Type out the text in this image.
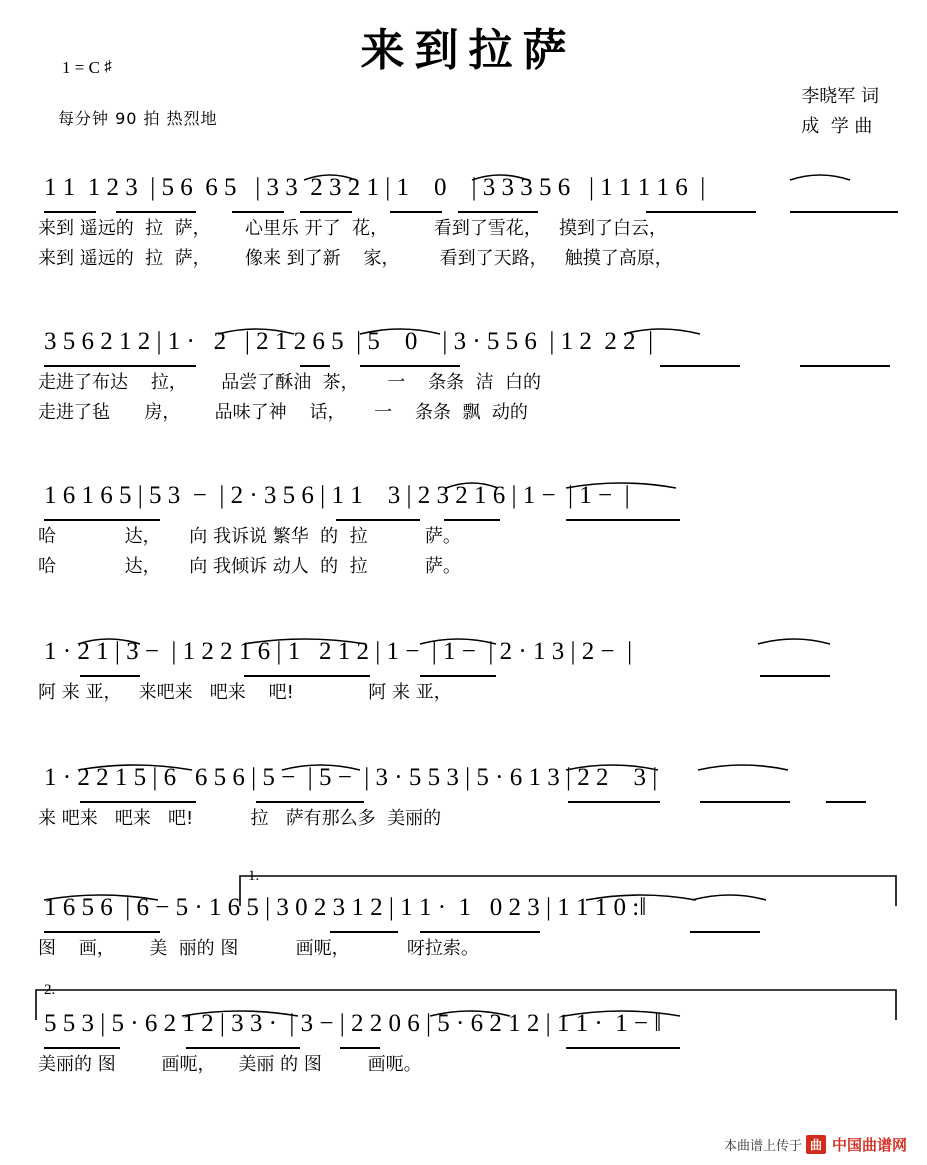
1 = C ♯	来到拉萨
每分钟 90 拍 热烈地
李晓军 词
成  学 曲
1 1  1 2 3  | 5 6  6 5   | 3 3  2 3 2 1 | 1    0    | 3 3 3 5 6   | 1 1 1 1 6  |
来到 遥远的  拉  萨，      心里乐 开了  花，        看到了雪花，   摸到了白云，
来到 遥远的  拉  萨，      像来 到了新    家，       看到了天路，   触摸了高原，
3 5 6 2 1 2 | 1 ·   2   | 2 1 2 6 5  | 5    0    | 3 · 5 5 6  | 1 2  2 2  |
走进了布达    拉，      品尝了酥油  茶，     一    条条  洁  白的
走进了毡      房，      品味了神    话，     一    条条  飘  动的
1 6 1 6 5 | 5 3  −  | 2 · 3 5 6 | 1 1    3 | 2 3 2 1 6 | 1 −  | 1 −  |
哈            达，     向 我诉说 繁华  的  拉          萨。
哈            达，     向 我倾诉 动人  的  拉          萨。
1 · 2 1 | 3 −  | 1 2 2 1 6 | 1   2 1 2 | 1 −  | 1 −  | 2 · 1 3 | 2 −  |
阿 来 亚，   来吧来   吧来    吧!             阿 来 亚，
1 · 2 2 1 5 | 6   6 5 6 | 5 −  | 5 −  | 3 · 5 5 3 | 5 · 6 1 3 | 2 2    3 |
来 吧来   吧来   吧!          拉   萨有那么多  美丽的
1.
1 6 5 6  | 6 − 5 · 1 6 5 | 3 0 2 3 1 2 | 1 1 ·  1   0 2 3 | 1 1 1 0 :‖
图    画，      美  丽的 图          画呃，          呀拉索。
2.
5 5 3 | 5 · 6 2 1 2 | 3 3 ·  | 3 − | 2 2 0 6 | 5 · 6 2 1 2 | 1 1 ·  1 − ‖
美丽的 图        画呃，    美丽 的 图        画呃。
本曲谱上传于 曲 中国曲谱网
